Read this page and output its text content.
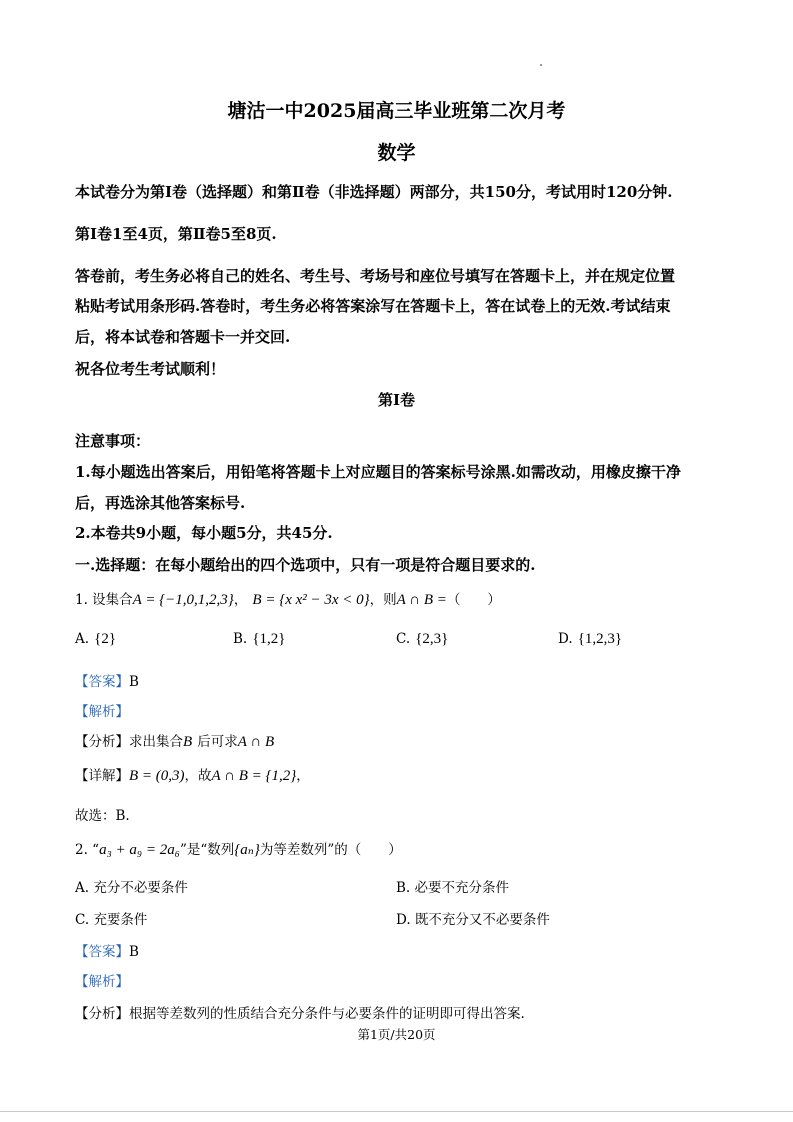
塘沽一中2025届高三毕业班第二次月考
数学
本试卷分为第Ⅰ卷（选择题）和第Ⅱ卷（非选择题）两部分，共150分，考试用时120分钟.
第Ⅰ卷1至4页，第Ⅱ卷5至8页.
答卷前，考生务必将自己的姓名、考生号、考场号和座位号填写在答题卡上，并在规定位置
粘贴考试用条形码.答卷时，考生务必将答案涂写在答题卡上，答在试卷上的无效.考试结束
后，将本试卷和答题卡一并交回.
祝各位考生考试顺利！
第Ⅰ卷
注意事项：
1.每小题选出答案后，用铅笔将答题卡上对应题目的答案标号涂黑.如需改动，用橡皮擦干净
后，再选涂其他答案标号.
2.本卷共9小题，每小题5分，共45分.
一.选择题：在每小题给出的四个选项中，只有一项是符合题目要求的.
1. 设集合A = {−1,0,1,2,3}， B = {x x² − 3x < 0}，则A ∩ B =（　　）
A. {2}	B. {1,2}	C. {2,3}	D. {1,2,3}
【答案】B
【解析】
【分析】求出集合B 后可求A ∩ B
【详解】B = (0,3)，故A ∩ B = {1,2}，
故选：B.
2. “a₃ + a₉ = 2a₆”是“数列{aₙ}为等差数列”的（　　）
A. 充分不必要条件	B. 必要不充分条件
C. 充要条件	D. 既不充分又不必要条件
【答案】B
【解析】
【分析】根据等差数列的性质结合充分条件与必要条件的证明即可得出答案.
第1页/共20页
